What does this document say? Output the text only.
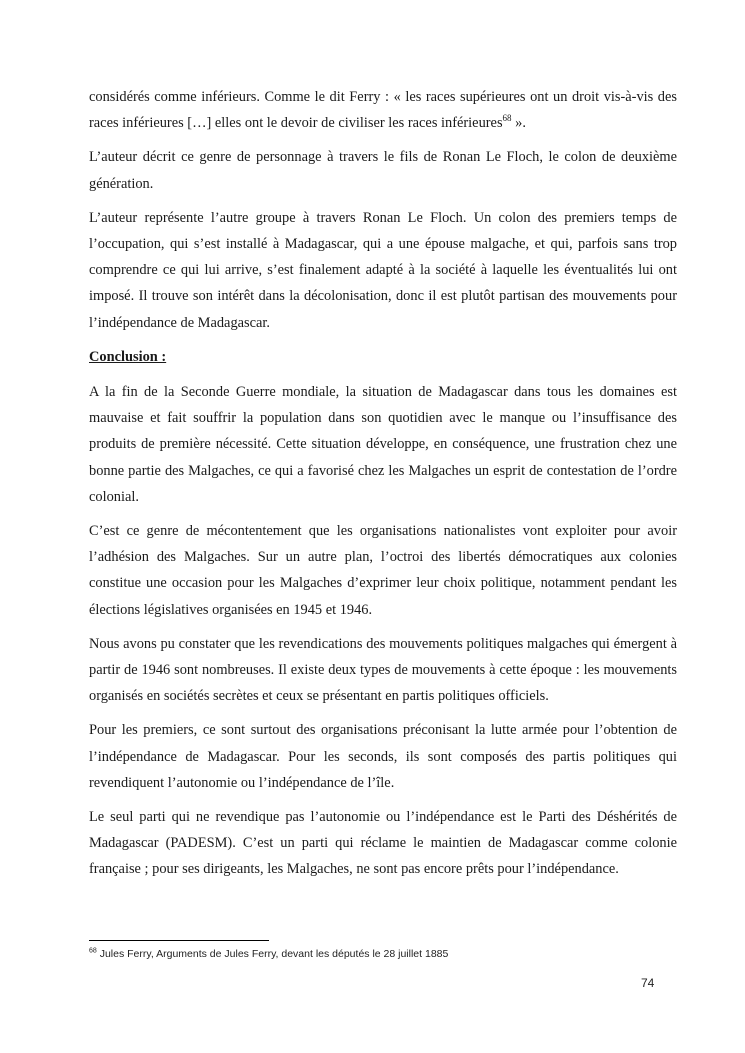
considérés comme inférieurs. Comme le dit Ferry : « les races supérieures ont un droit vis-à-vis des races inférieures […] elles ont le devoir de civiliser les races inférieures$^{68}$ ».

L’auteur décrit ce genre de personnage à travers le fils de Ronan Le Floch, le colon de deuxième génération.

L’auteur représente l’autre groupe à travers Ronan Le Floch. Un colon des premiers temps de l’occupation, qui s’est installé à Madagascar, qui a une épouse malgache, et qui, parfois sans trop comprendre ce qui lui arrive, s’est finalement adapté à la société à laquelle les éventualités lui ont imposé. Il trouve son intérêt dans la décolonisation, donc il est plutôt partisan des mouvements pour l’indépendance de Madagascar.

Conclusion :

A la fin de la Seconde Guerre mondiale, la situation de Madagascar dans tous les domaines est mauvaise et fait souffrir la population dans son quotidien avec le manque ou l’insuffisance des produits de première nécessité. Cette situation développe, en conséquence, une frustration chez une bonne partie des Malgaches, ce qui a favorisé chez les Malgaches un esprit de contestation de l’ordre colonial.

C’est ce genre de mécontentement que les organisations nationalistes vont exploiter pour avoir l’adhésion des Malgaches. Sur un autre plan, l’octroi des libertés démocratiques aux colonies constitue une occasion pour les Malgaches d’exprimer leur choix politique, notamment pendant les élections législatives organisées en 1945 et 1946.

Nous avons pu constater que les revendications des mouvements politiques malgaches qui émergent à partir de 1946 sont nombreuses. Il existe deux types de mouvements à cette époque : les mouvements organisés en sociétés secrètes et ceux se présentant en partis politiques officiels.

Pour les premiers, ce sont surtout des organisations préconisant la lutte armée pour l’obtention de l’indépendance de Madagascar. Pour les seconds, ils sont composés des partis politiques qui revendiquent l’autonomie ou l’indépendance de l’île.

Le seul parti qui ne revendique pas l’autonomie ou l’indépendance est le Parti des Déshérités de Madagascar (PADESM). C’est un parti qui réclame le maintien de Madagascar comme colonie française ; pour ses dirigeants, les Malgaches, ne sont pas encore prêts pour l’indépendance.

$^{68}$ Jules Ferry, Arguments de Jules Ferry, devant les députés le 28 juillet 1885
74
